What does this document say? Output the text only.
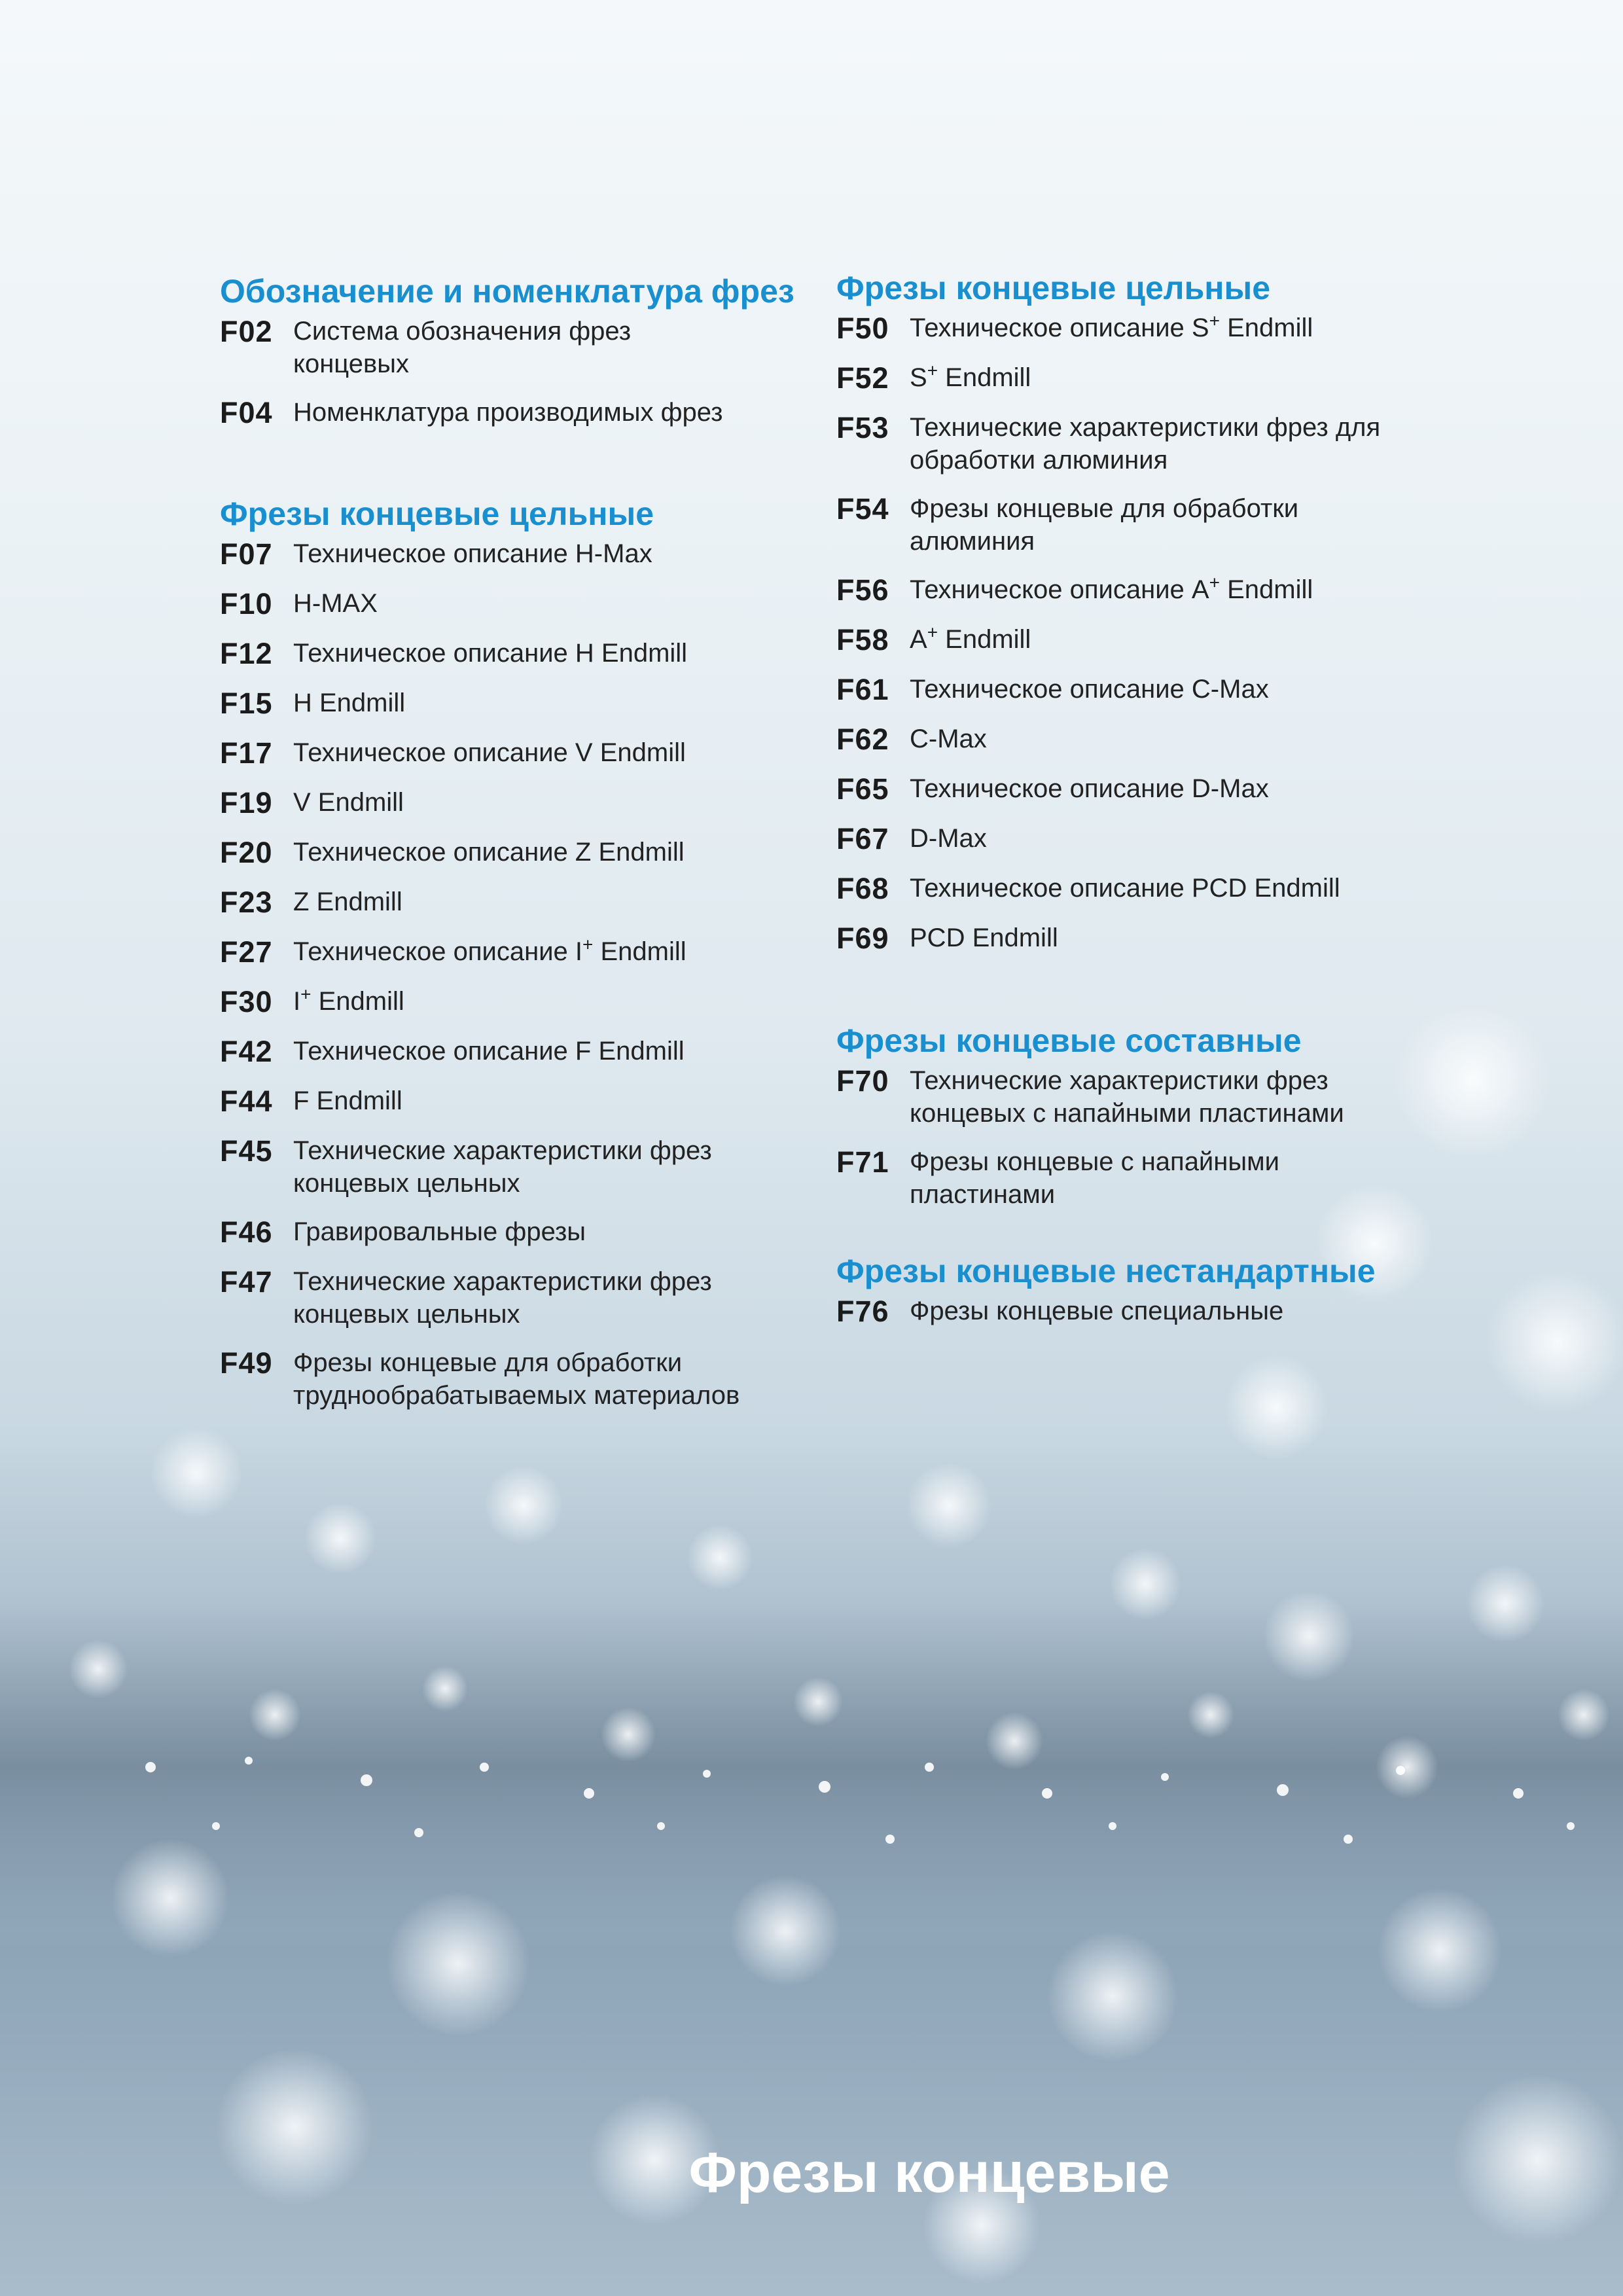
Обозначение и номенклатура фрез
F02 Система обозначения фрез
концевых
F04 Номенклатура производимых фрез
Фрезы концевые цельные
F07 Техническое описание H-Max
F10 H-MAX
F12 Техническое описание H Endmill
F15 H Endmill
F17 Техническое описание V Endmill
F19 V Endmill
F20 Техническое описание Z Endmill
F23 Z Endmill
F27 Техническое описание I+ Endmill
F30 I+ Endmill
F42 Техническое описание F Endmill
F44 F Endmill
F45 Технические характеристики фрез
концевых цельных
F46 Гравировальные фрезы
F47 Технические характеристики фрез
концевых цельных
F49 Фрезы концевые для обработки
труднообрабатываемых материалов
Фрезы концевые цельные
F50 Техническое описание S+ Endmill
F52 S+ Endmill
F53 Технические характеристики фрез для
обработки алюминия
F54 Фрезы концевые для обработки
алюминия
F56 Техническое описание A+ Endmill
F58 A+ Endmill
F61 Техническое описание C-Max
F62 C-Max
F65 Техническое описание D-Max
F67 D-Max
F68 Техническое описание PCD Endmill
F69 PCD Endmill
Фрезы концевые составные
F70 Технические характеристики фрез
концевых с напайными пластинами
F71 Фрезы концевые с напайными
пластинами
Фрезы концевые нестандартные
F76 Фрезы концевые специальные
Фрезы концевые
